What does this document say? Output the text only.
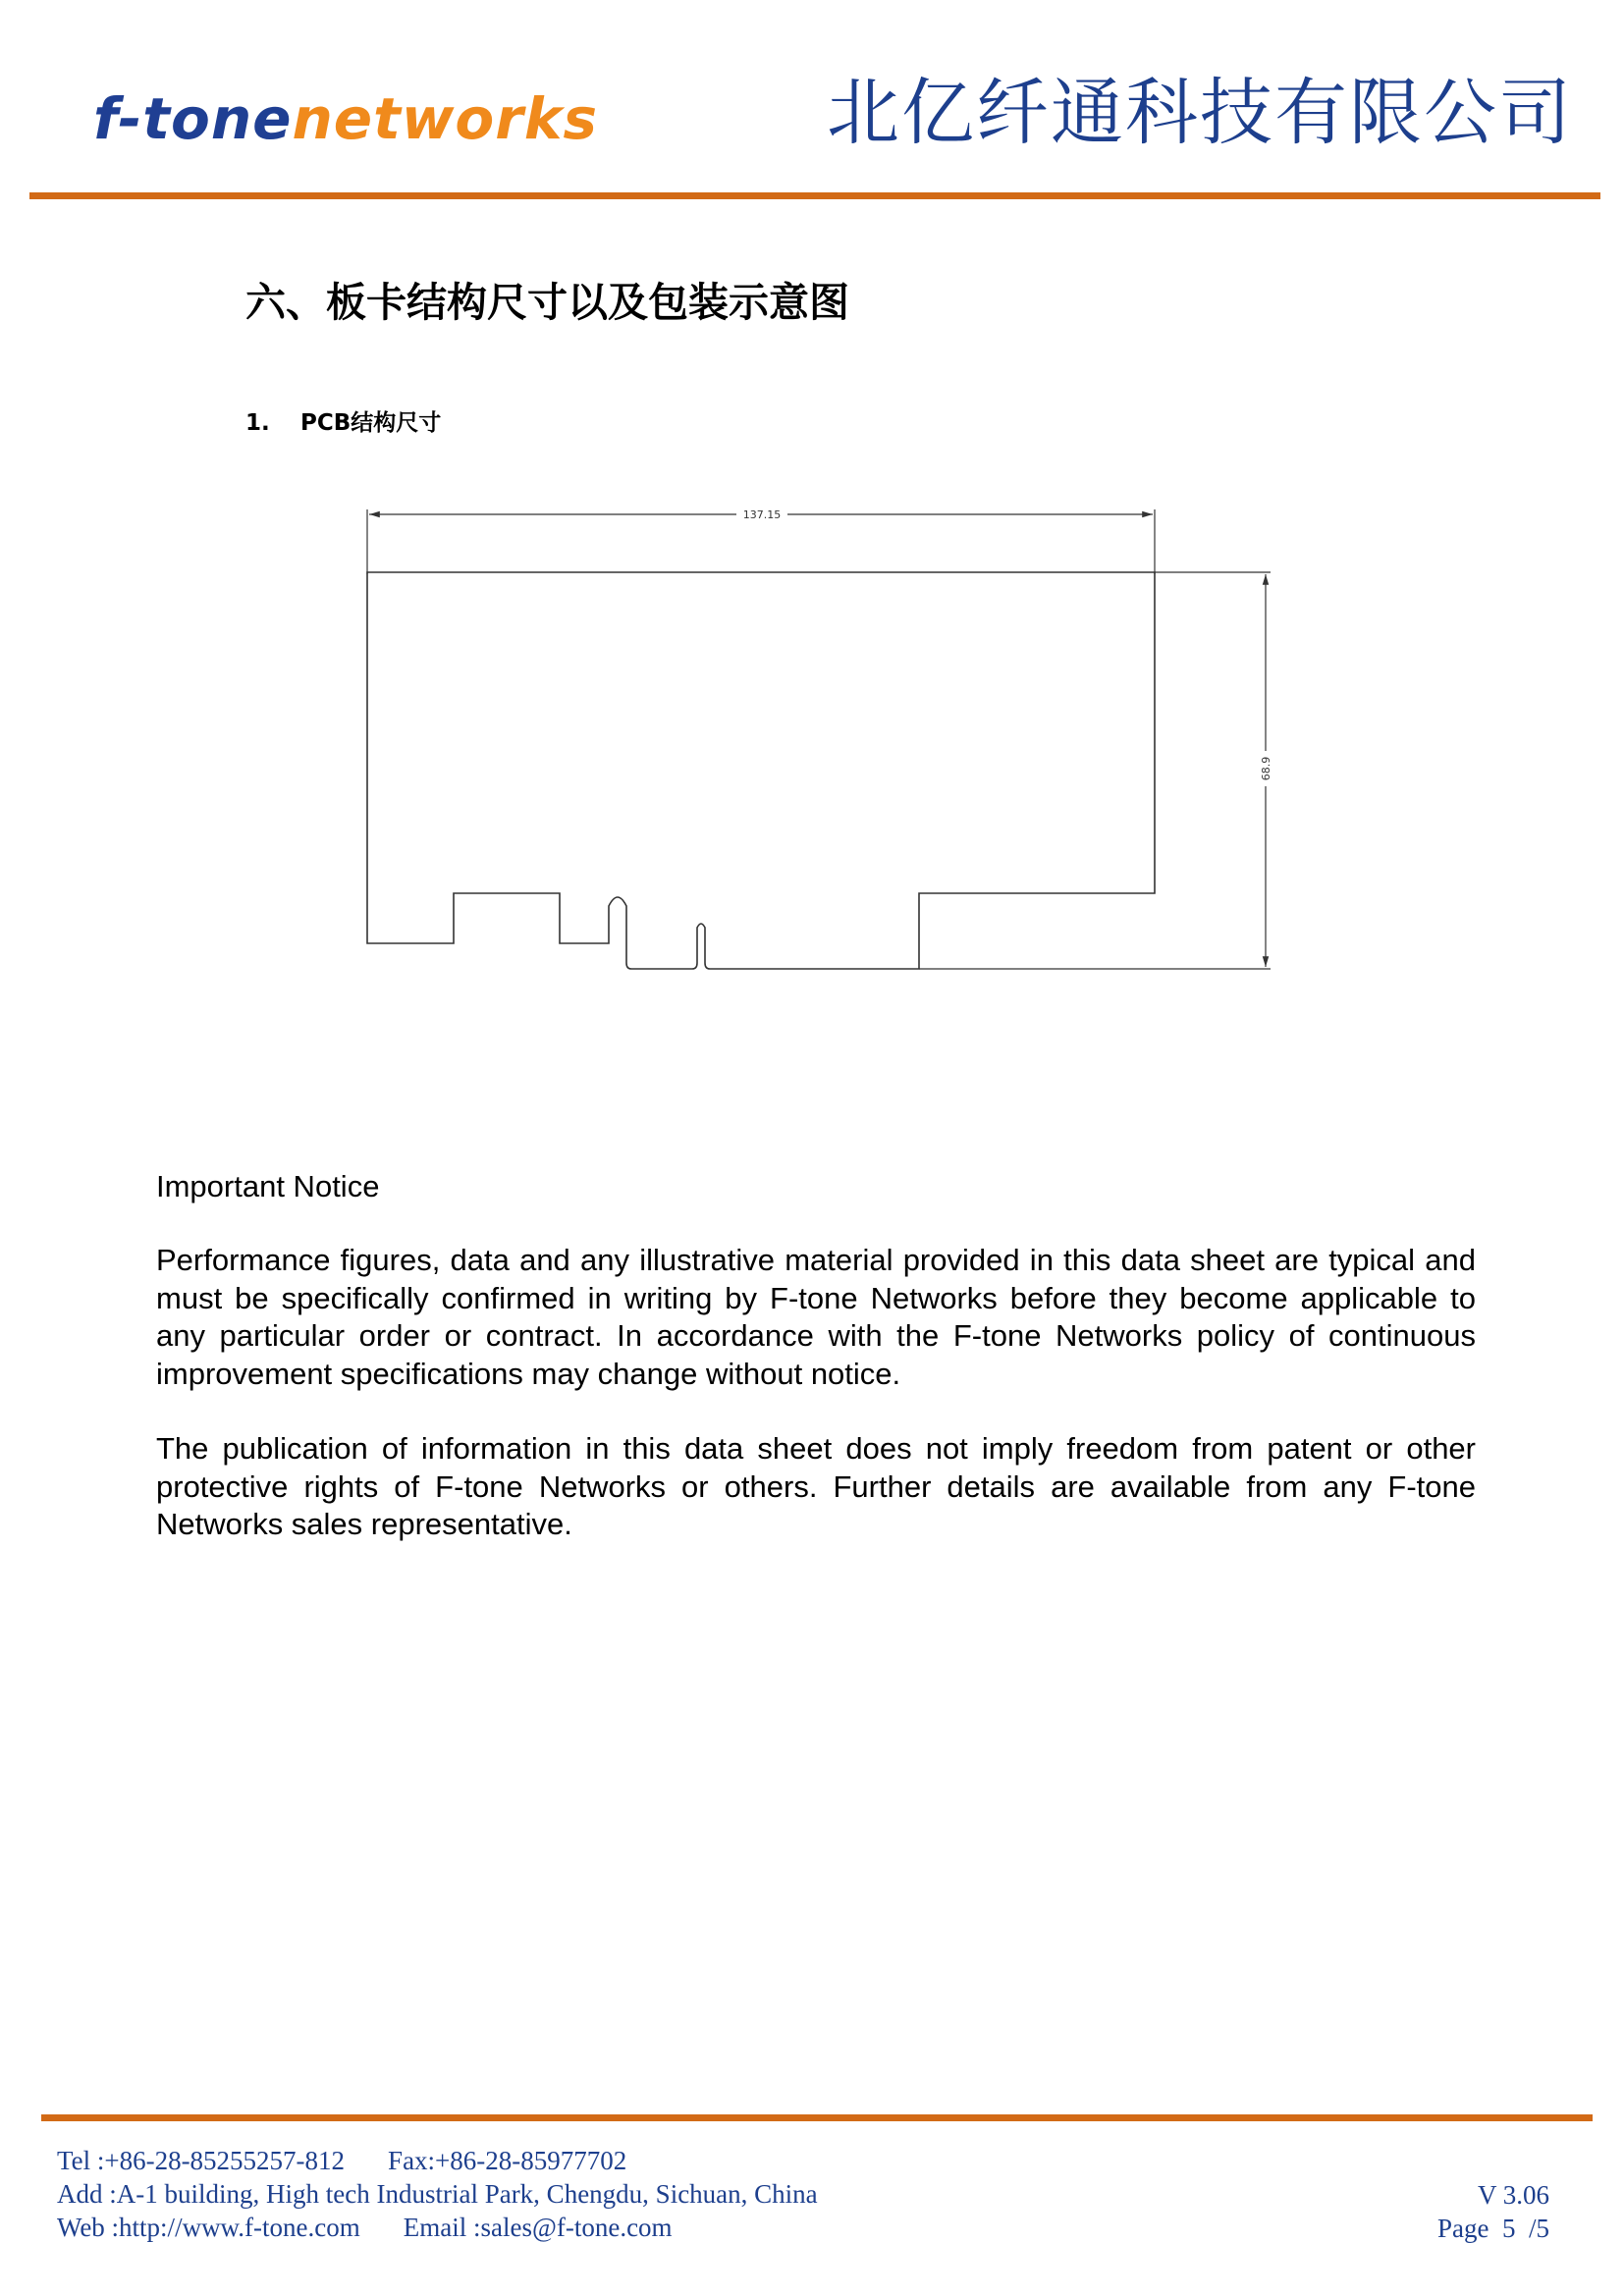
f-tonenetworks	北亿纤通科技有限公司
六、板卡结构尺寸以及包装示意图
1. PCB结构尺寸
137.15
68.9
Important Notice

Performance figures, data and any illustrative material provided in this data sheet are typical and must be specifically confirmed in writing by F-tone Networks before they become applicable to any particular order or contract. In accordance with the F-tone Networks policy of continuous improvement specifications may change without notice.

The publication of information in this data sheet does not imply freedom from patent or other protective rights of F-tone Networks or others. Further details are available from any F-tone Networks sales representative.

Tel :+86-28-85255257-812 Fax:+86-28-85977702
Add :A-1 building, High tech Industrial Park, Chengdu, Sichuan, China
Web :http://www.f-tone.com Email :sales@f-tone.com
V 3.06
Page  5  /5
